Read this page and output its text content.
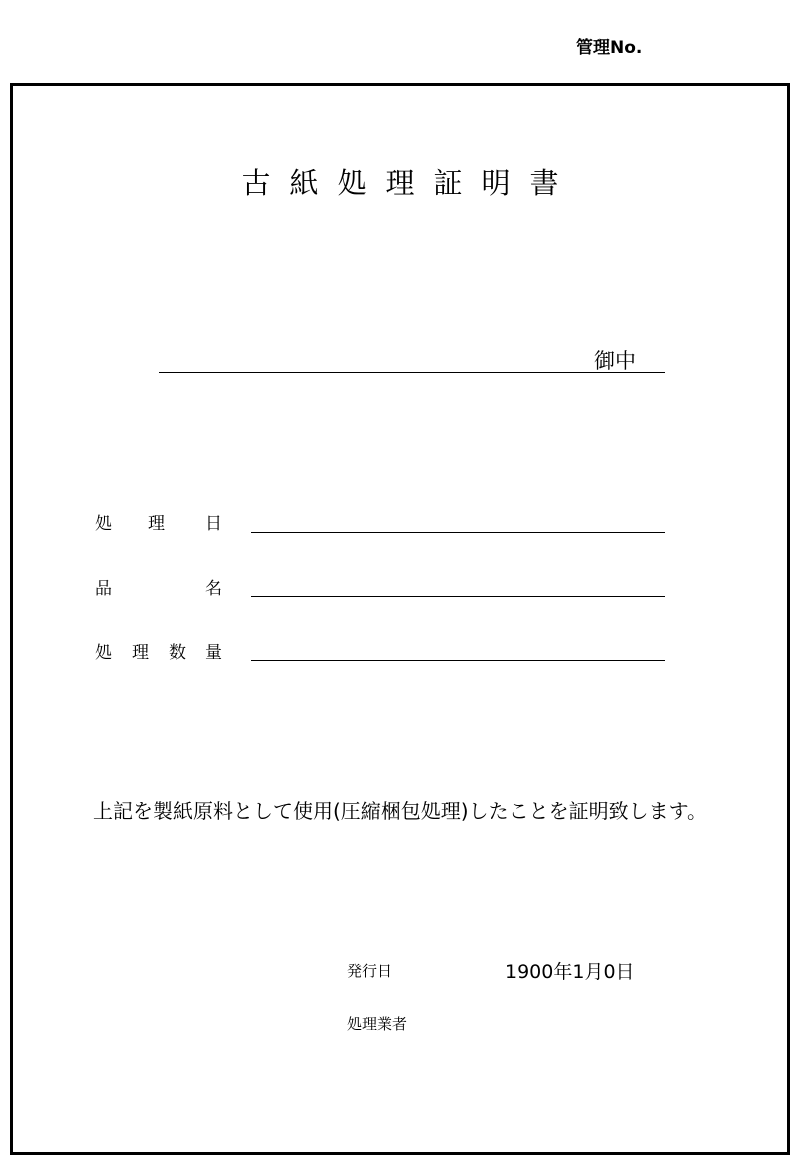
管理No.
古紙処理証明書
御中
処 理 日
品	名
処 理 数 量
上記を製紙原料として使用(圧縮梱包処理)したことを証明致します。
発行日	1900年1月0日
処理業者
